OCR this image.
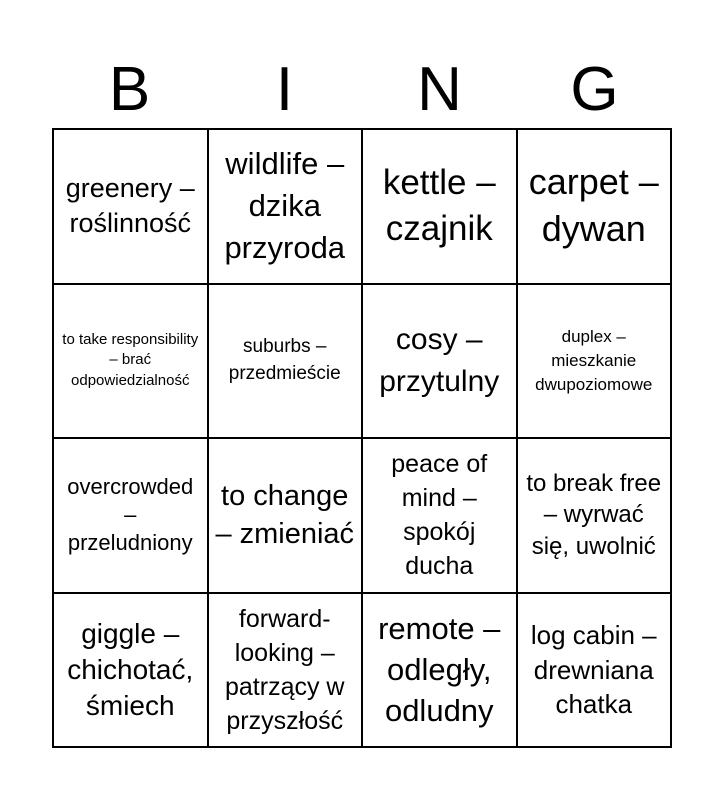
B	I	N	G
greenery – roślinność
wildlife – dzika przyroda
kettle – czajnik
carpet – dywan
to take responsibility – brać odpowiedzialność
suburbs – przedmieście
cosy – przytulny
duplex – mieszkanie dwupoziomowe
overcrowded – przeludniony
to change – zmieniać
peace of mind – spokój ducha
to break free – wyrwać się, uwolnić
giggle – chichotać, śmiech
forward-looking – patrzący w przyszłość
remote – odległy, odludny
log cabin – drewniana chatka
